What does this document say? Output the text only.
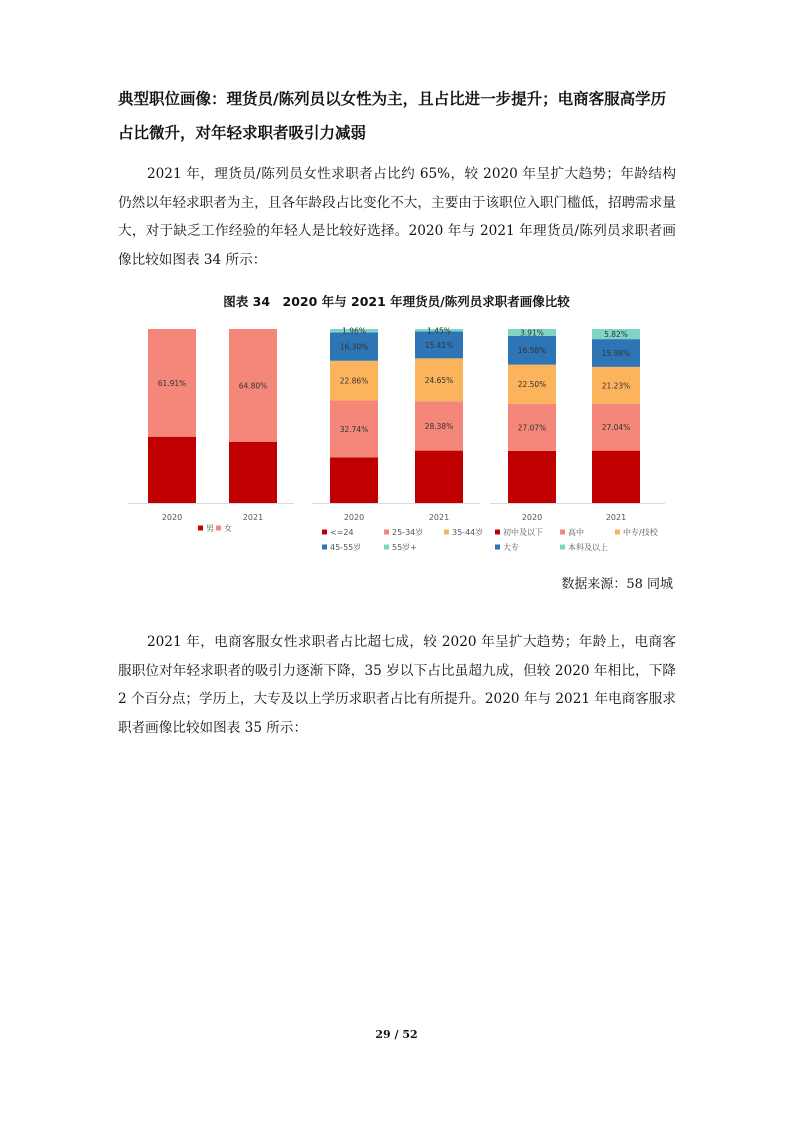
典型职位画像：理货员/陈列员以女性为主，且占比进一步提升；电商客服高学历占比微升，对年轻求职者吸引力减弱

2021 年，理货员/陈列员女性求职者占比约 65%，较 2020 年呈扩大趋势；年龄结构仍然以年轻求职者为主，且各年龄段占比变化不大，主要由于该职位入职门槛低，招聘需求量大，对于缺乏工作经验的年轻人是比较好选择。2020 年与 2021 年理货员/陈列员求职者画像比较如图表 34 所示：

图表 34　2020 年与 2021 年理货员/陈列员求职者画像比较
61.91%
2020
64.80%
2021
男 女
32.74%
22.86%
16.30%
1.96%
2020
28.38%
24.65%
15.41%
1.45%
2021
<=24	25-34岁	35-44岁
45-55岁	55岁+
27.07%
22.50%
16.58%
3.91%
2020
27.04%
21.23%
15.98%
5.82%
2021
初中及以下	高中	中专/技校
大专	本科及以上
数据来源：58 同城

2021 年，电商客服女性求职者占比超七成，较 2020 年呈扩大趋势；年龄上，电商客服职位对年轻求职者的吸引力逐渐下降，35 岁以下占比虽超九成，但较 2020 年相比，下降 2 个百分点；学历上，大专及以上学历求职者占比有所提升。2020 年与 2021 年电商客服求职者画像比较如图表 35 所示：

29 / 52
